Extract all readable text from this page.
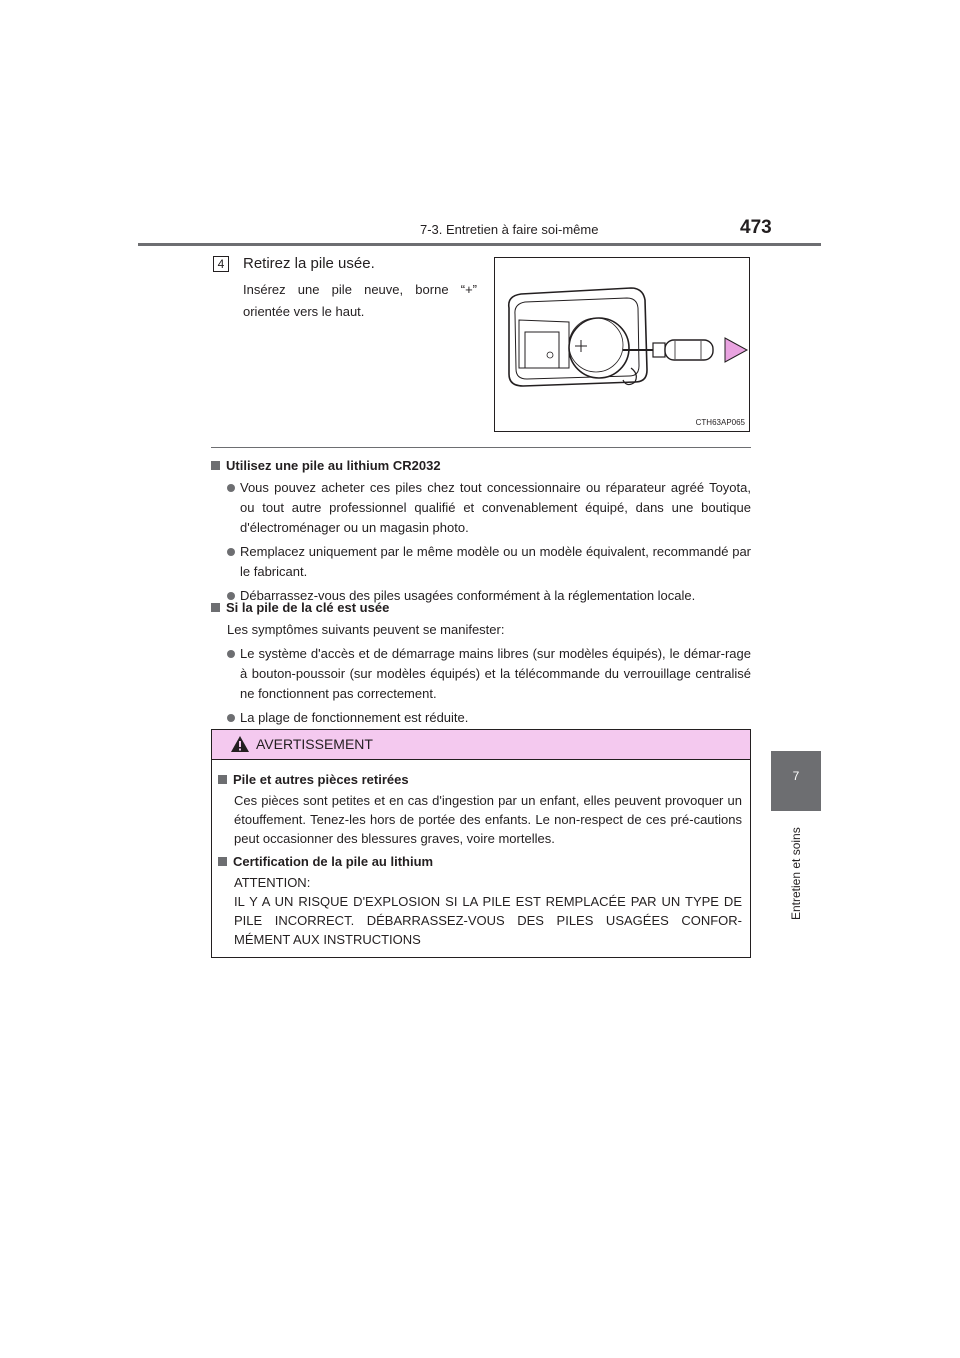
7-3. Entretien à faire soi-même	473
7
Entretien et soins
4 Retirez la pile usée.
Insérez une pile neuve, borne “+” orientée vers le haut.
CTH63AP065
Utilisez une pile au lithium CR2032
Vous pouvez acheter ces piles chez tout concessionnaire ou réparateur agréé Toyota, ou tout autre professionnel qualifié et convenablement équipé, dans une boutique d'électroménager ou un magasin photo.
Remplacez uniquement par le même modèle ou un modèle équivalent, recommandé par le fabricant.
Débarrassez-vous des piles usagées conformément à la réglementation locale.
Si la pile de la clé est usée
Les symptômes suivants peuvent se manifester:
Le système d'accès et de démarrage mains libres (sur modèles équipés), le démar-rage à bouton-poussoir (sur modèles équipés) et la télécommande du verrouillage centralisé ne fonctionnent pas correctement.
La plage de fonctionnement est réduite.
AVERTISSEMENT
Pile et autres pièces retirées
Ces pièces sont petites et en cas d'ingestion par un enfant, elles peuvent provoquer un étouffement. Tenez-les hors de portée des enfants. Le non-respect de ces pré-cautions peut occasionner des blessures graves, voire mortelles.
Certification de la pile au lithium
ATTENTION:
IL Y A UN RISQUE D'EXPLOSION SI LA PILE EST REMPLACÉE PAR UN TYPE DE PILE INCORRECT. DÉBARRASSEZ-VOUS DES PILES USAGÉES CONFOR-MÉMENT AUX INSTRUCTIONS
